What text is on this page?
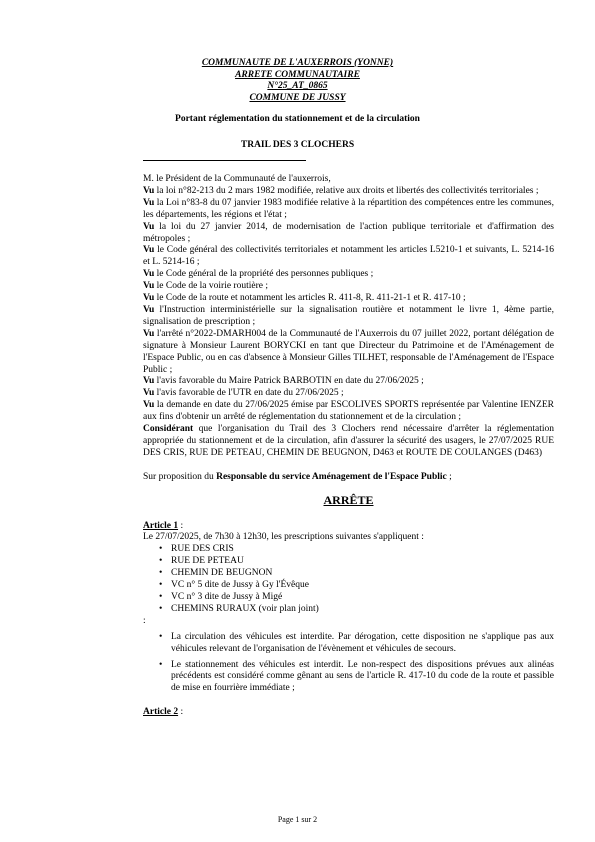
COMMUNAUTE DE L'AUXERROIS (YONNE)
ARRETE COMMUNAUTAIRE
N°25_AT_0865
COMMUNE DE JUSSY
Portant réglementation du stationnement et de la circulation
TRAIL DES 3 CLOCHERS

M. le Président de la Communauté de l'auxerrois,

Vu la loi n°82-213 du 2 mars 1982 modifiée, relative aux droits et libertés des collectivités territoriales ;

Vu la Loi n°83-8 du 07 janvier 1983 modifiée relative à la répartition des compétences entre les communes, les départements, les régions et l'état ;

Vu la loi du 27 janvier 2014, de modernisation de l'action publique territoriale et d'affirmation des métropoles ;

Vu le Code général des collectivités territoriales et notamment les articles L5210-1 et suivants, L. 5214-16 et L. 5214-16 ;

Vu le Code général de la propriété des personnes publiques ;

Vu le Code de la voirie routière ;

Vu le Code de la route et notamment les articles R. 411-8, R. 411-21-1 et R. 417-10 ;

Vu l'Instruction interministérielle sur la signalisation routière et notamment le livre 1, 4ème partie, signalisation de prescription ;

Vu l'arrêté n°2022-DMARH004 de la Communauté de l'Auxerrois du 07 juillet 2022, portant délégation de signature à Monsieur Laurent BORYCKI en tant que Directeur du Patrimoine et de l'Aménagement de l'Espace Public, ou en cas d'absence à Monsieur Gilles TILHET, responsable de l'Aménagement de l'Espace Public ;

Vu l'avis favorable du Maire Patrick BARBOTIN en date du 27/06/2025 ;

Vu l'avis favorable de l'UTR en date du 27/06/2025 ;

Vu la demande en date du 27/06/2025 émise par ESCOLIVES SPORTS représentée par Valentine IENZER aux fins d'obtenir un arrêté de réglementation du stationnement et de la circulation ;

Considérant que l'organisation du Trail des 3 Clochers rend nécessaire d'arrêter la réglementation appropriée du stationnement et de la circulation, afin d'assurer la sécurité des usagers, le 27/07/2025 RUE DES CRIS, RUE DE PETEAU, CHEMIN DE BEUGNON, D463 et ROUTE DE COULANGES (D463)

Sur proposition du Responsable du service Aménagement de l'Espace Public ;

ARRÊTE

Article 1 :

Le 27/07/2025, de 7h30 à 12h30, les prescriptions suivantes s'appliquent :

• RUE DES CRIS
• RUE DE PETEAU
• CHEMIN DE BEUGNON
• VC n° 5 dite de Jussy à Gy l'Évêque
• VC n° 3 dite de Jussy à Migé
• CHEMINS RURAUX (voir plan joint)

:

• La circulation des véhicules est interdite. Par dérogation, cette disposition ne s'applique pas aux véhicules relevant de l'organisation de l'évènement et véhicules de secours.
• Le stationnement des véhicules est interdit. Le non-respect des dispositions prévues aux alinéas précédents est considéré comme gênant au sens de l'article R. 417-10 du code de la route et passible de mise en fourrière immédiate ;

Article 2 :

Page 1 sur 2
